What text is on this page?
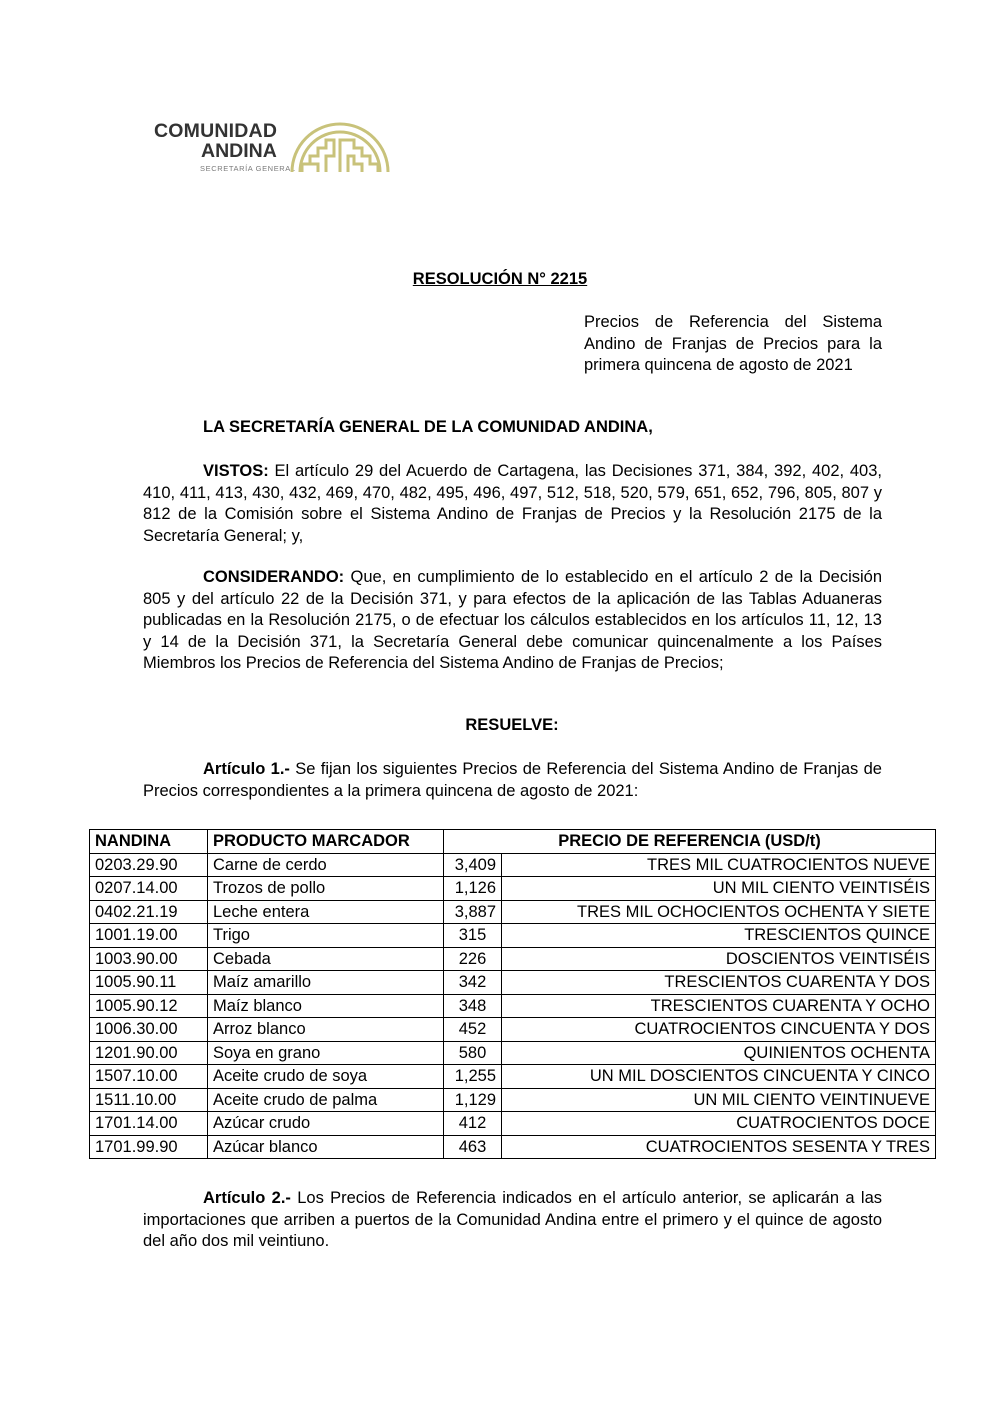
COMUNIDAD
ANDINA
SECRETARÍA GENERAL
RESOLUCIÓN N° 2215
Precios de Referencia del Sistema Andino de Franjas de Precios para la primera quincena de agosto de 2021
LA SECRETARÍA GENERAL DE LA COMUNIDAD ANDINA,

VISTOS: El artículo 29 del Acuerdo de Cartagena, las Decisiones 371, 384, 392, 402, 403, 410, 411, 413, 430, 432, 469, 470, 482, 495, 496, 497, 512, 518, 520, 579, 651, 652, 796, 805, 807 y 812 de la Comisión sobre el Sistema Andino de Franjas de Precios y la Resolución 2175 de la Secretaría General; y,

CONSIDERANDO: Que, en cumplimiento de lo establecido en el artículo 2 de la Decisión 805 y del artículo 22 de la Decisión 371, y para efectos de la aplicación de las Tablas Aduaneras publicadas en la Resolución 2175, o de efectuar los cálculos establecidos en los artículos 11, 12, 13 y 14 de la Decisión 371, la Secretaría General debe comunicar quincenalmente a los Países Miembros los Precios de Referencia del Sistema Andino de Franjas de Precios;

RESUELVE:

Artículo 1.- Se fijan los siguientes Precios de Referencia del Sistema Andino de Franjas de Precios correspondientes a la primera quincena de agosto de 2021:

NANDINA	PRODUCTO MARCADOR	PRECIO DE REFERENCIA (USD/t)	
0203.29.90	Carne de cerdo	3,409	TRES MIL CUATROCIENTOS NUEVE
0207.14.00	Trozos de pollo	1,126	UN MIL CIENTO VEINTISÉIS
0402.21.19	Leche entera	3,887	TRES MIL OCHOCIENTOS OCHENTA Y SIETE
1001.19.00	Trigo	315	TRESCIENTOS QUINCE
1003.90.00	Cebada	226	DOSCIENTOS VEINTISÉIS
1005.90.11	Maíz amarillo	342	TRESCIENTOS CUARENTA Y DOS
1005.90.12	Maíz blanco	348	TRESCIENTOS CUARENTA Y OCHO
1006.30.00	Arroz blanco	452	CUATROCIENTOS CINCUENTA Y DOS
1201.90.00	Soya en grano	580	QUINIENTOS OCHENTA
1507.10.00	Aceite crudo de soya	1,255	UN MIL DOSCIENTOS CINCUENTA Y CINCO
1511.10.00	Aceite crudo de palma	1,129	UN MIL CIENTO VEINTINUEVE
1701.14.00	Azúcar crudo	412	CUATROCIENTOS DOCE
1701.99.90	Azúcar blanco	463	CUATROCIENTOS SESENTA Y TRES

Artículo 2.- Los Precios de Referencia indicados en el artículo anterior, se aplicarán a las importaciones que arriben a puertos de la Comunidad Andina entre el primero y el quince de agosto del año dos mil veintiuno.
